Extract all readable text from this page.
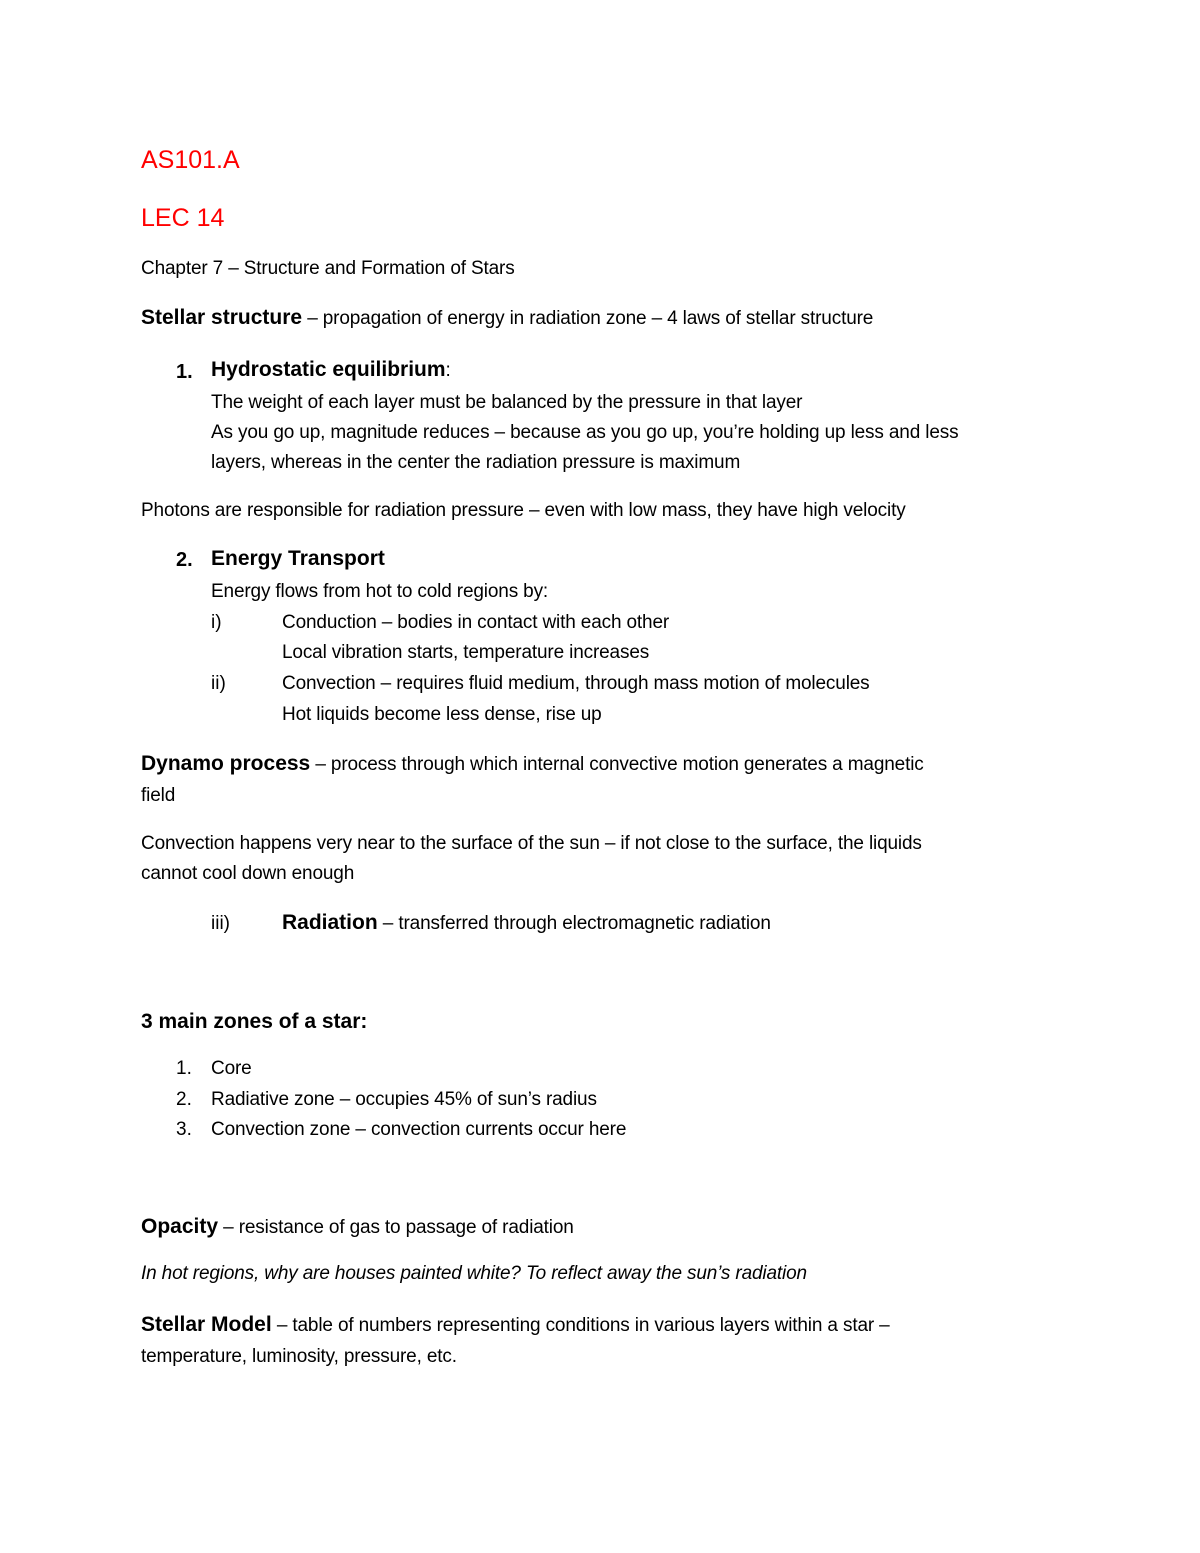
AS101.A
LEC 14
Chapter 7 – Structure and Formation of Stars
Stellar structure – propagation of energy in radiation zone – 4 laws of stellar structure
1. Hydrostatic equilibrium:
The weight of each layer must be balanced by the pressure in that layer
As you go up, magnitude reduces – because as you go up, you’re holding up less and less
layers, whereas in the center the radiation pressure is maximum
Photons are responsible for radiation pressure – even with low mass, they have high velocity
2. Energy Transport
Energy flows from hot to cold regions by:
i)	Conduction – bodies in contact with each other
Local vibration starts, temperature increases
ii)	Convection – requires fluid medium, through mass motion of molecules
Hot liquids become less dense, rise up
Dynamo process – process through which internal convective motion generates a magnetic
field
Convection happens very near to the surface of the sun – if not close to the surface, the liquids
cannot cool down enough
iii) Radiation – transferred through electromagnetic radiation
3 main zones of a star:
1. Core
2. Radiative zone – occupies 45% of sun’s radius
3. Convection zone – convection currents occur here
Opacity – resistance of gas to passage of radiation
In hot regions, why are houses painted white? To reflect away the sun’s radiation
Stellar Model – table of numbers representing conditions in various layers within a star –
temperature, luminosity, pressure, etc.
